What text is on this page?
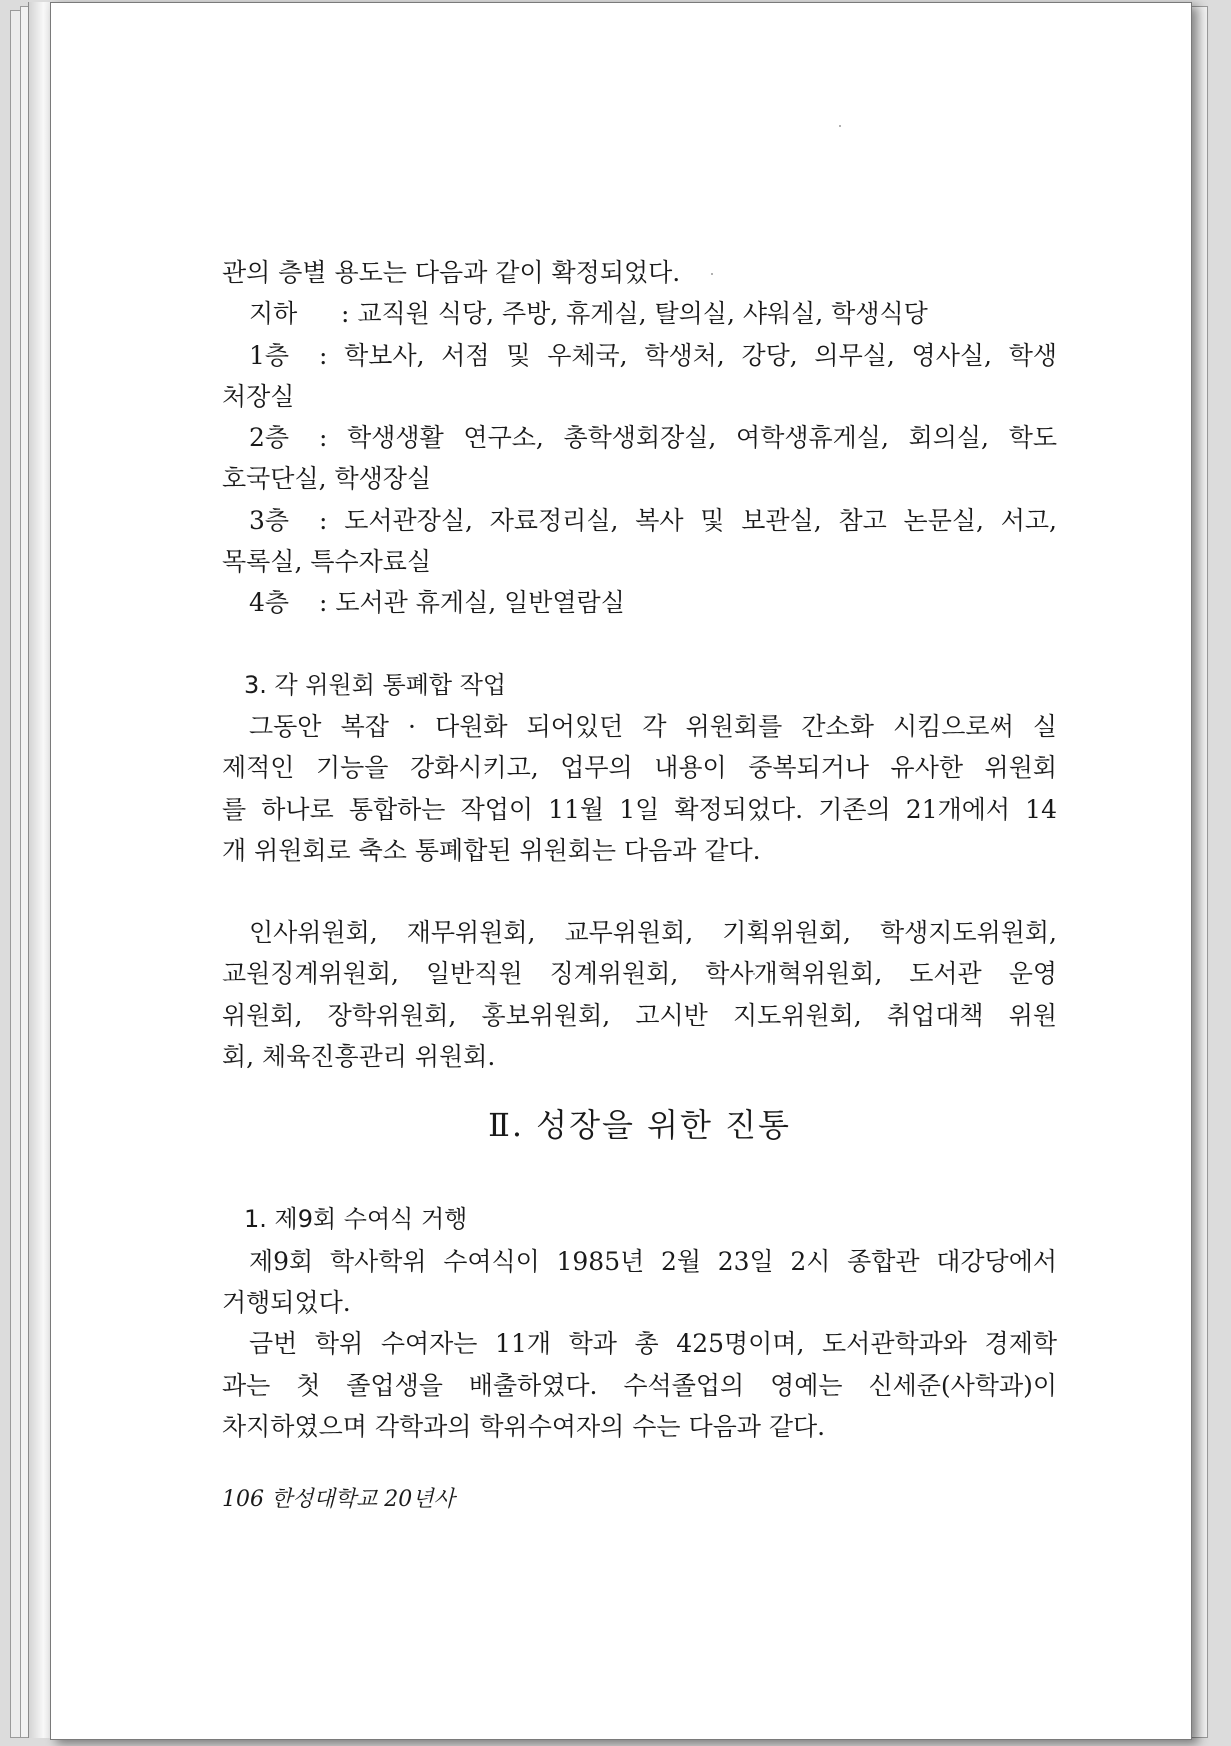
관의 층별 용도는 다음과 같이 확정되었다.
지하	: 교직원 식당, 주방, 휴게실, 탈의실, 샤워실, 학생식당
1층	: 학보사, 서점 및 우체국, 학생처, 강당, 의무실, 영사실, 학생
처장실
2층	: 학생생활 연구소, 총학생회장실, 여학생휴게실, 회의실, 학도
호국단실, 학생장실
3층	: 도서관장실, 자료정리실, 복사 및 보관실, 참고 논문실, 서고,
목록실, 특수자료실
4층	: 도서관 휴게실, 일반열람실
3. 각 위원회 통폐합 작업
그동안 복잡 · 다원화 되어있던 각 위원회를 간소화 시킴으로써 실
제적인 기능을 강화시키고, 업무의 내용이 중복되거나 유사한 위원회
를 하나로 통합하는 작업이 11월 1일 확정되었다. 기존의 21개에서 14
개 위원회로 축소 통폐합된 위원회는 다음과 같다.
인사위원회, 재무위원회, 교무위원회, 기획위원회, 학생지도위원회,
교원징계위원회, 일반직원 징계위원회, 학사개혁위원회, 도서관 운영
위원회, 장학위원회, 홍보위원회, 고시반 지도위원회, 취업대책 위원
회, 체육진흥관리 위원회.
Ⅱ. 성장을 위한 진통
1. 제9회 수여식 거행
제9회 학사학위 수여식이 1985년 2월 23일 2시 종합관 대강당에서
거행되었다.
금번 학위 수여자는 11개 학과 총 425명이며, 도서관학과와 경제학
과는 첫 졸업생을 배출하였다. 수석졸업의 영예는 신세준(사학과)이
차지하였으며 각학과의 학위수여자의 수는 다음과 같다.
106 한성대학교 20년사
